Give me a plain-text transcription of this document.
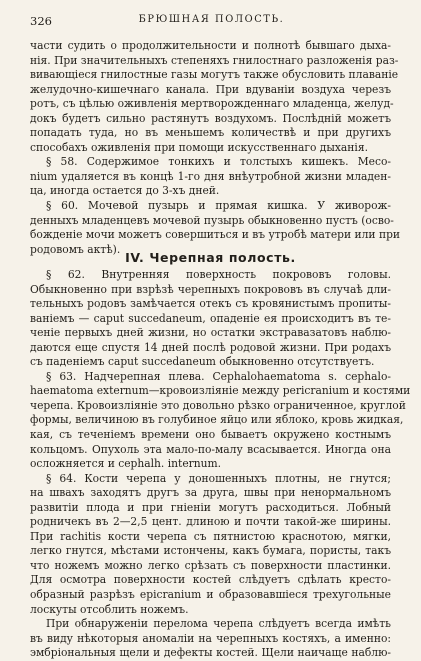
326	БРЮШНАЯ ПОЛОСТЬ.
части судить о продолжительности и полнотѣ бывшаго дыха-
нія. При значительныхъ степеняхъ гнилостнаго разложенія раз-
вивающіеся гнилостные газы могутъ также обусловить плаваніе
желудочно-кишечнаго канала. При вдуваніи воздуха черезъ
ротъ, съ цѣлью оживленія мертворожденнаго младенца, желуд-
докъ будетъ сильно растянутъ воздухомъ. Послѣдній можетъ
попадать туда, но въ меньшемъ количествѣ и при другихъ
способахъ оживленія при помощи искусственнаго дыханія.
§ 58. Содержимое тонкихъ и толстыхъ кишекъ. Месо-
nium удаляется въ концѣ 1-го дня внѣутробной жизни младен-
ца, иногда остается до 3-хъ дней.
§ 60. Мочевой пузырь и прямая кишка. У живорож-
денныхъ младенцевъ мочевой пузырь обыкновенно пустъ (осво-
божденіе мочи можетъ совершиться и въ утробѣ матери или при
родовомъ актѣ).
IV. Черепная полость.
§ 62. Внутренняя поверхность покрововъ головы.
Обыкновенно при взрѣзѣ черепныхъ покрововъ въ случаѣ дли-
тельныхъ родовъ замѣчается отекъ съ кровянистымъ пропиты-
ваніемъ — caput succedaneum, опаденіе ея происходитъ въ те-
ченіе первыхъ дней жизни, но остатки экстравазатовъ наблю-
даются еще спустя 14 дней послѣ родовой жизни. При родахъ
съ паденіемъ caput succedaneum обыкновенно отсутствуетъ.
§ 63. Надчерепная плева. Cephalohaematoma s. cephalo-
haematoma externum—кровоизліяніе между pericranium и костями
черепа. Кровоизліяніе это довольно рѣзко ограниченное, круглой
формы, величиною въ голубиное яйцо или яблоко, кровь жидкая,
кая, съ теченіемъ времени оно бываетъ окружено костнымъ
кольцомъ. Опухоль эта мало-по-малу всасывается. Иногда она
осложняется и cephalh. internum.
§ 64. Кости черепа у доношенныхъ плотны, не гнутся;
на швахъ заходятъ другъ за друга, швы при ненормальномъ
развитіи плода и при гніеніи могутъ расходиться. Лобный
родничекъ въ 2—2,5 цент. длиною и почти такой-же ширины.
При rachitis кости черепа съ пятнистою краснотою, мягки,
легко гнутся, мѣстами истончены, какъ бумага, пористы, такъ
что ножемъ можно легко срѣзать съ поверхности пластинки.
Для осмотра поверхности костей слѣдуетъ сдѣлать кресто-
образный разрѣзъ epicranium и образовавшіеся трехугольные
лоскуты отсоблить ножемъ.
При обнаруженіи перелома черепа слѣдуетъ всегда имѣть
въ виду нѣкоторыя аномаліи на черепныхъ костяхъ, а именно:
эмбріональныя щели и дефекты костей. Щели наичаще наблю-
